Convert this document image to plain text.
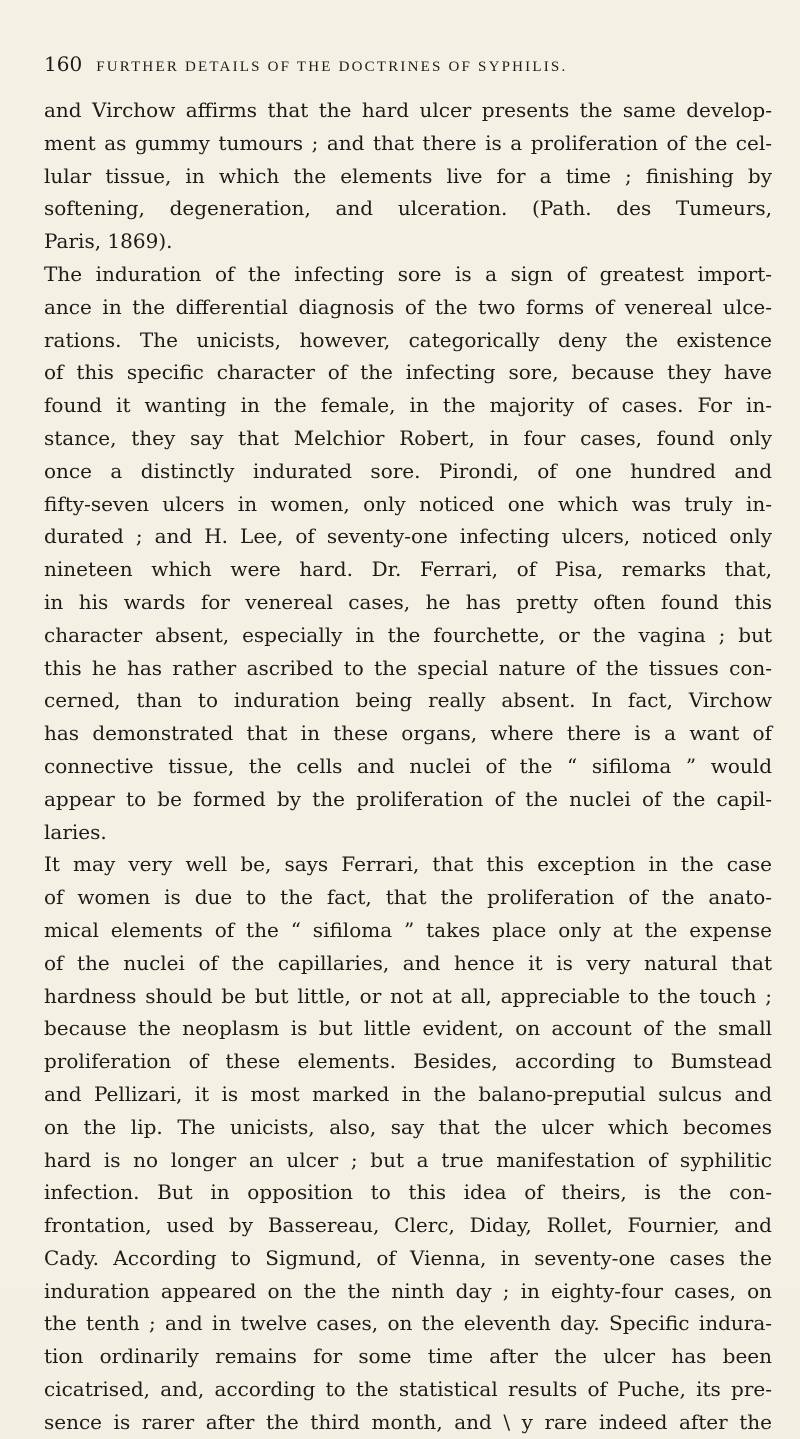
160 FURTHER DETAILS OF THE DOCTRINES OF SYPHILIS.
and Virchow affirms that the hard ulcer presents the same develop-
ment as gummy tumours ; and that there is a proliferation of the cel-
lular tissue, in which the elements live for a time ; finishing by
softening, degeneration, and ulceration. (Path. des Tumeurs,
Paris, 1869).
The induration of the infecting sore is a sign of greatest import-
ance in the differential diagnosis of the two forms of venereal ulce-
rations. The unicists, however, categorically deny the existence
of this specific character of the infecting sore, because they have
found it wanting in the female, in the majority of cases. For in-
stance, they say that Melchior Robert, in four cases, found only
once a distinctly indurated sore. Pirondi, of one hundred and
fifty-seven ulcers in women, only noticed one which was truly in-
durated ; and H. Lee, of seventy-one infecting ulcers, noticed only
nineteen which were hard. Dr. Ferrari, of Pisa, remarks that,
in his wards for venereal cases, he has pretty often found this
character absent, especially in the fourchette, or the vagina ; but
this he has rather ascribed to the special nature of the tissues con-
cerned, than to induration being really absent. In fact, Virchow
has demonstrated that in these organs, where there is a want of
connective tissue, the cells and nuclei of the “ sifiloma ” would
appear to be formed by the proliferation of the nuclei of the capil-
laries.
It may very well be, says Ferrari, that this exception in the case
of women is due to the fact, that the proliferation of the anato-
mical elements of the “ sifiloma ” takes place only at the expense
of the nuclei of the capillaries, and hence it is very natural that
hardness should be but little, or not at all, appreciable to the touch ;
because the neoplasm is but little evident, on account of the small
proliferation of these elements. Besides, according to Bumstead
and Pellizari, it is most marked in the balano-preputial sulcus and
on the lip. The unicists, also, say that the ulcer which becomes
hard is no longer an ulcer ; but a true manifestation of syphilitic
infection. But in opposition to this idea of theirs, is the con-
frontation, used by Bassereau, Clerc, Diday, Rollet, Fournier, and
Cady. According to Sigmund, of Vienna, in seventy-one cases the
induration appeared on the the ninth day ; in eighty-four cases, on
the tenth ; and in twelve cases, on the eleventh day. Specific indura-
tion ordinarily remains for some time after the ulcer has been
cicatrised, and, according to the statistical results of Puche, its pre-
sence is rarer after the third month, and \ y rare indeed after the
